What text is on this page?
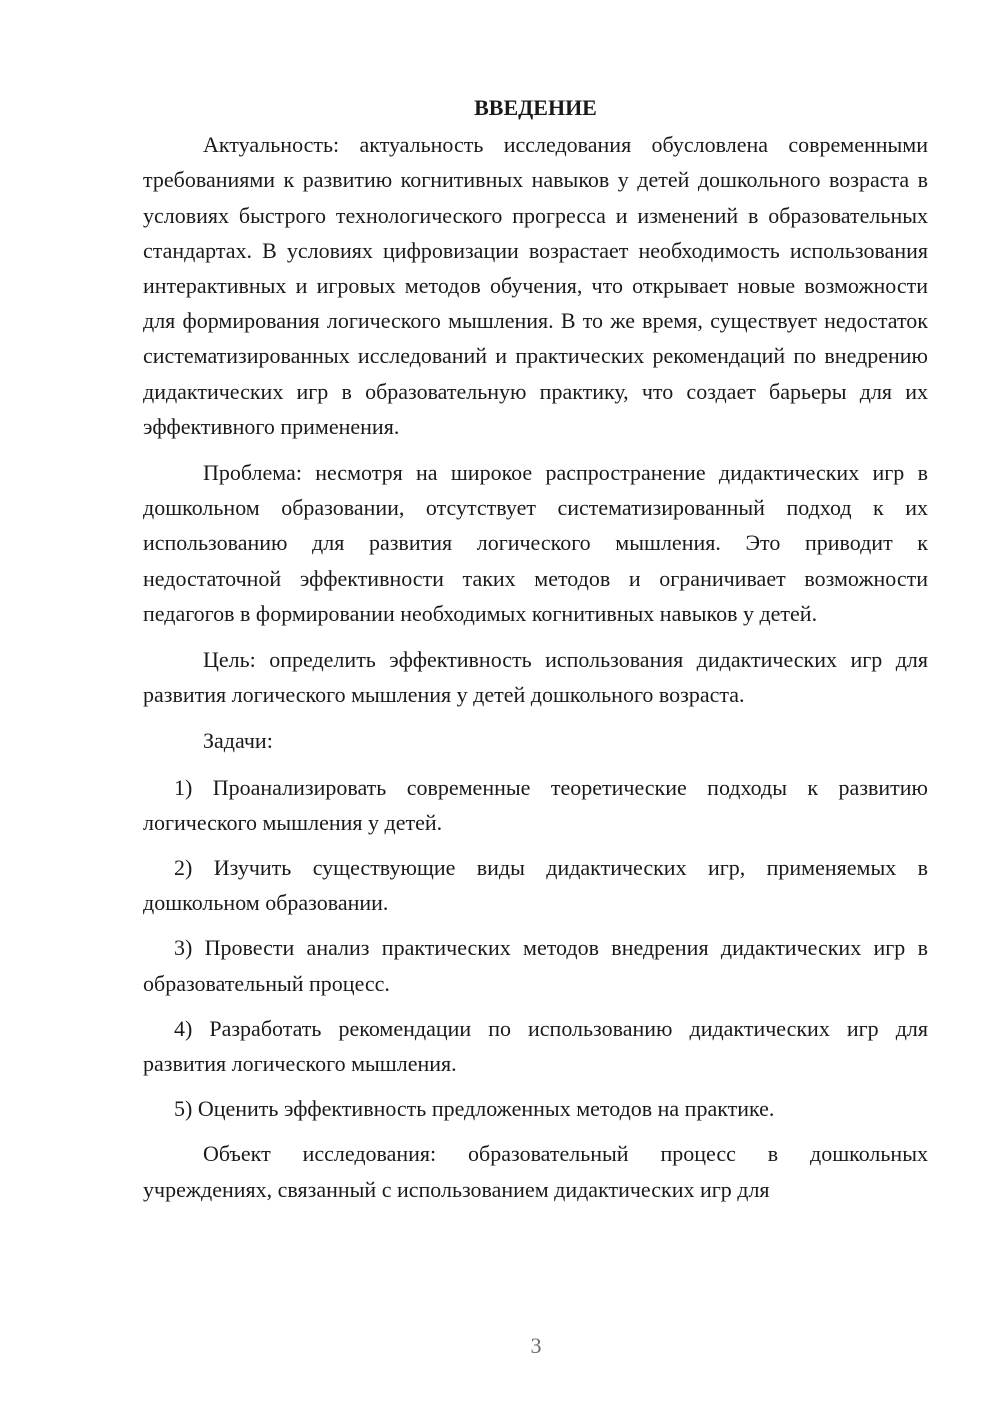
ВВЕДЕНИЕ

Актуальность: актуальность исследования обусловлена современными требованиями к развитию когнитивных навыков у детей дошкольного возраста в условиях быстрого технологического прогресса и изменений в образовательных стандартах. В условиях цифровизации возрастает необходимость использования интерактивных и игровых методов обучения, что открывает новые возможности для формирования логического мышления. В то же время, существует недостаток систематизированных исследований и практических рекомендаций по внедрению дидактических игр в образовательную практику, что создает барьеры для их эффективного применения.

Проблема: несмотря на широкое распространение дидактических игр в дошкольном образовании, отсутствует систематизированный подход к их использованию для развития логического мышления. Это приводит к недостаточной эффективности таких методов и ограничивает возможности педагогов в формировании необходимых когнитивных навыков у детей.

Цель: определить эффективность использования дидактических игр для развития логического мышления у детей дошкольного возраста.

Задачи:

1) Проанализировать современные теоретические подходы к развитию логического мышления у детей.

2) Изучить существующие виды дидактических игр, применяемых в дошкольном образовании.

3) Провести анализ практических методов внедрения дидактических игр в образовательный процесс.

4) Разработать рекомендации по использованию дидактических игр для развития логического мышления.

5) Оценить эффективность предложенных методов на практике.

Объект исследования: образовательный процесс в дошкольных учреждениях, связанный с использованием дидактических игр для

3
